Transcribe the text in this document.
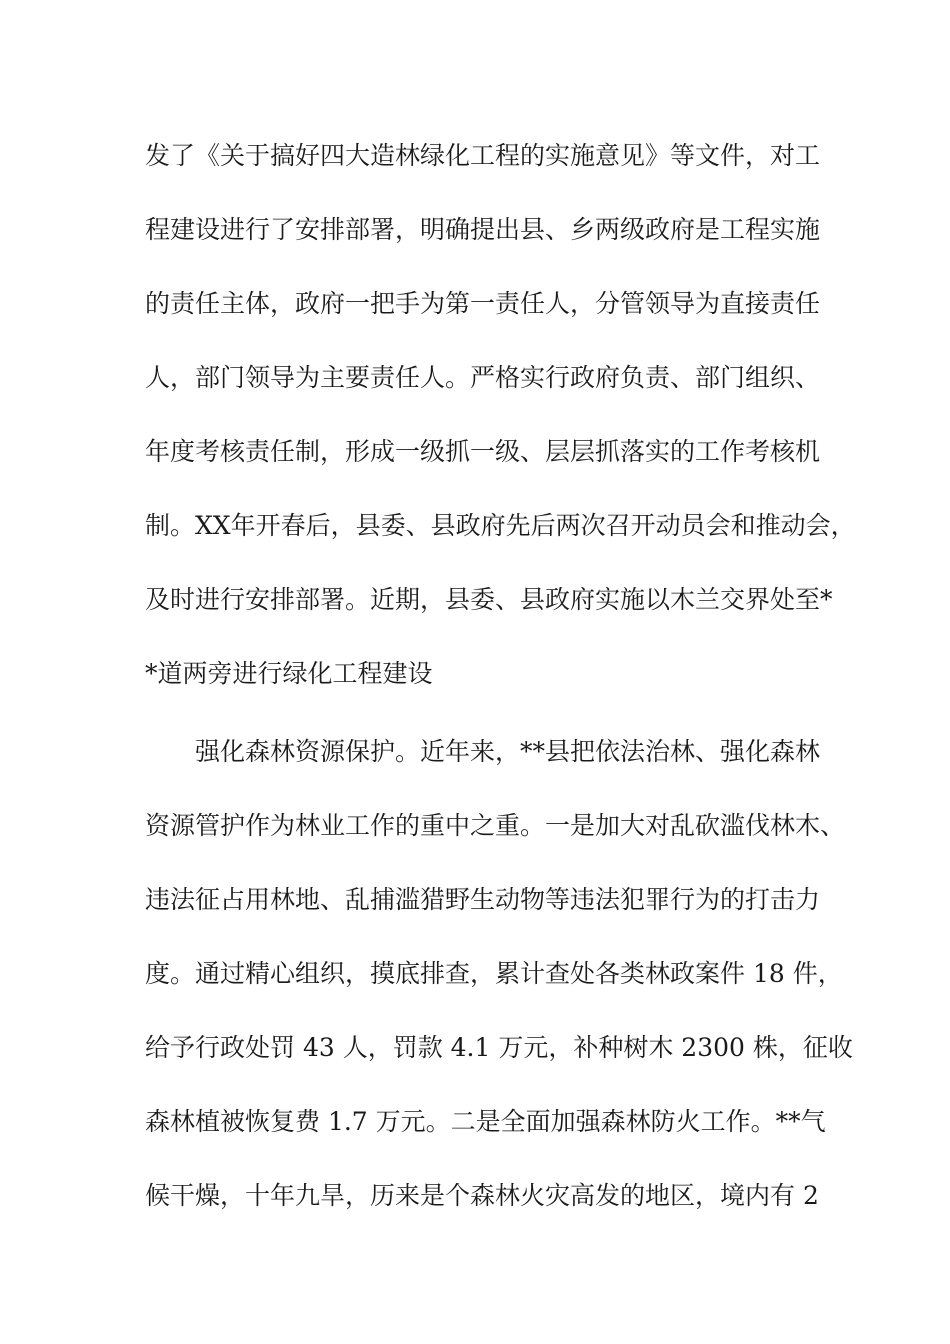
发了《关于搞好四大造林绿化工程的实施意见》等文件，对工
程建设进行了安排部署，明确提出县、乡两级政府是工程实施
的责任主体，政府一把手为第一责任人，分管领导为直接责任
人，部门领导为主要责任人。严格实行政府负责、部门组织、
年度考核责任制，形成一级抓一级、层层抓落实的工作考核机
制。XX年开春后，县委、县政府先后两次召开动员会和推动会，
及时进行安排部署。近期，县委、县政府实施以木兰交界处至*
*道两旁进行绿化工程建设
强化森林资源保护。近年来，**县把依法治林、强化森林
资源管护作为林业工作的重中之重。一是加大对乱砍滥伐林木、
违法征占用林地、乱捕滥猎野生动物等违法犯罪行为的打击力
度。通过精心组织，摸底排查，累计查处各类林政案件 18 件，
给予行政处罚 43 人，罚款 4.1 万元，补种树木 2300 株，征收
森林植被恢复费 1.7 万元。二是全面加强森林防火工作。**气
候干燥，十年九旱，历来是个森林火灾高发的地区，境内有 2
